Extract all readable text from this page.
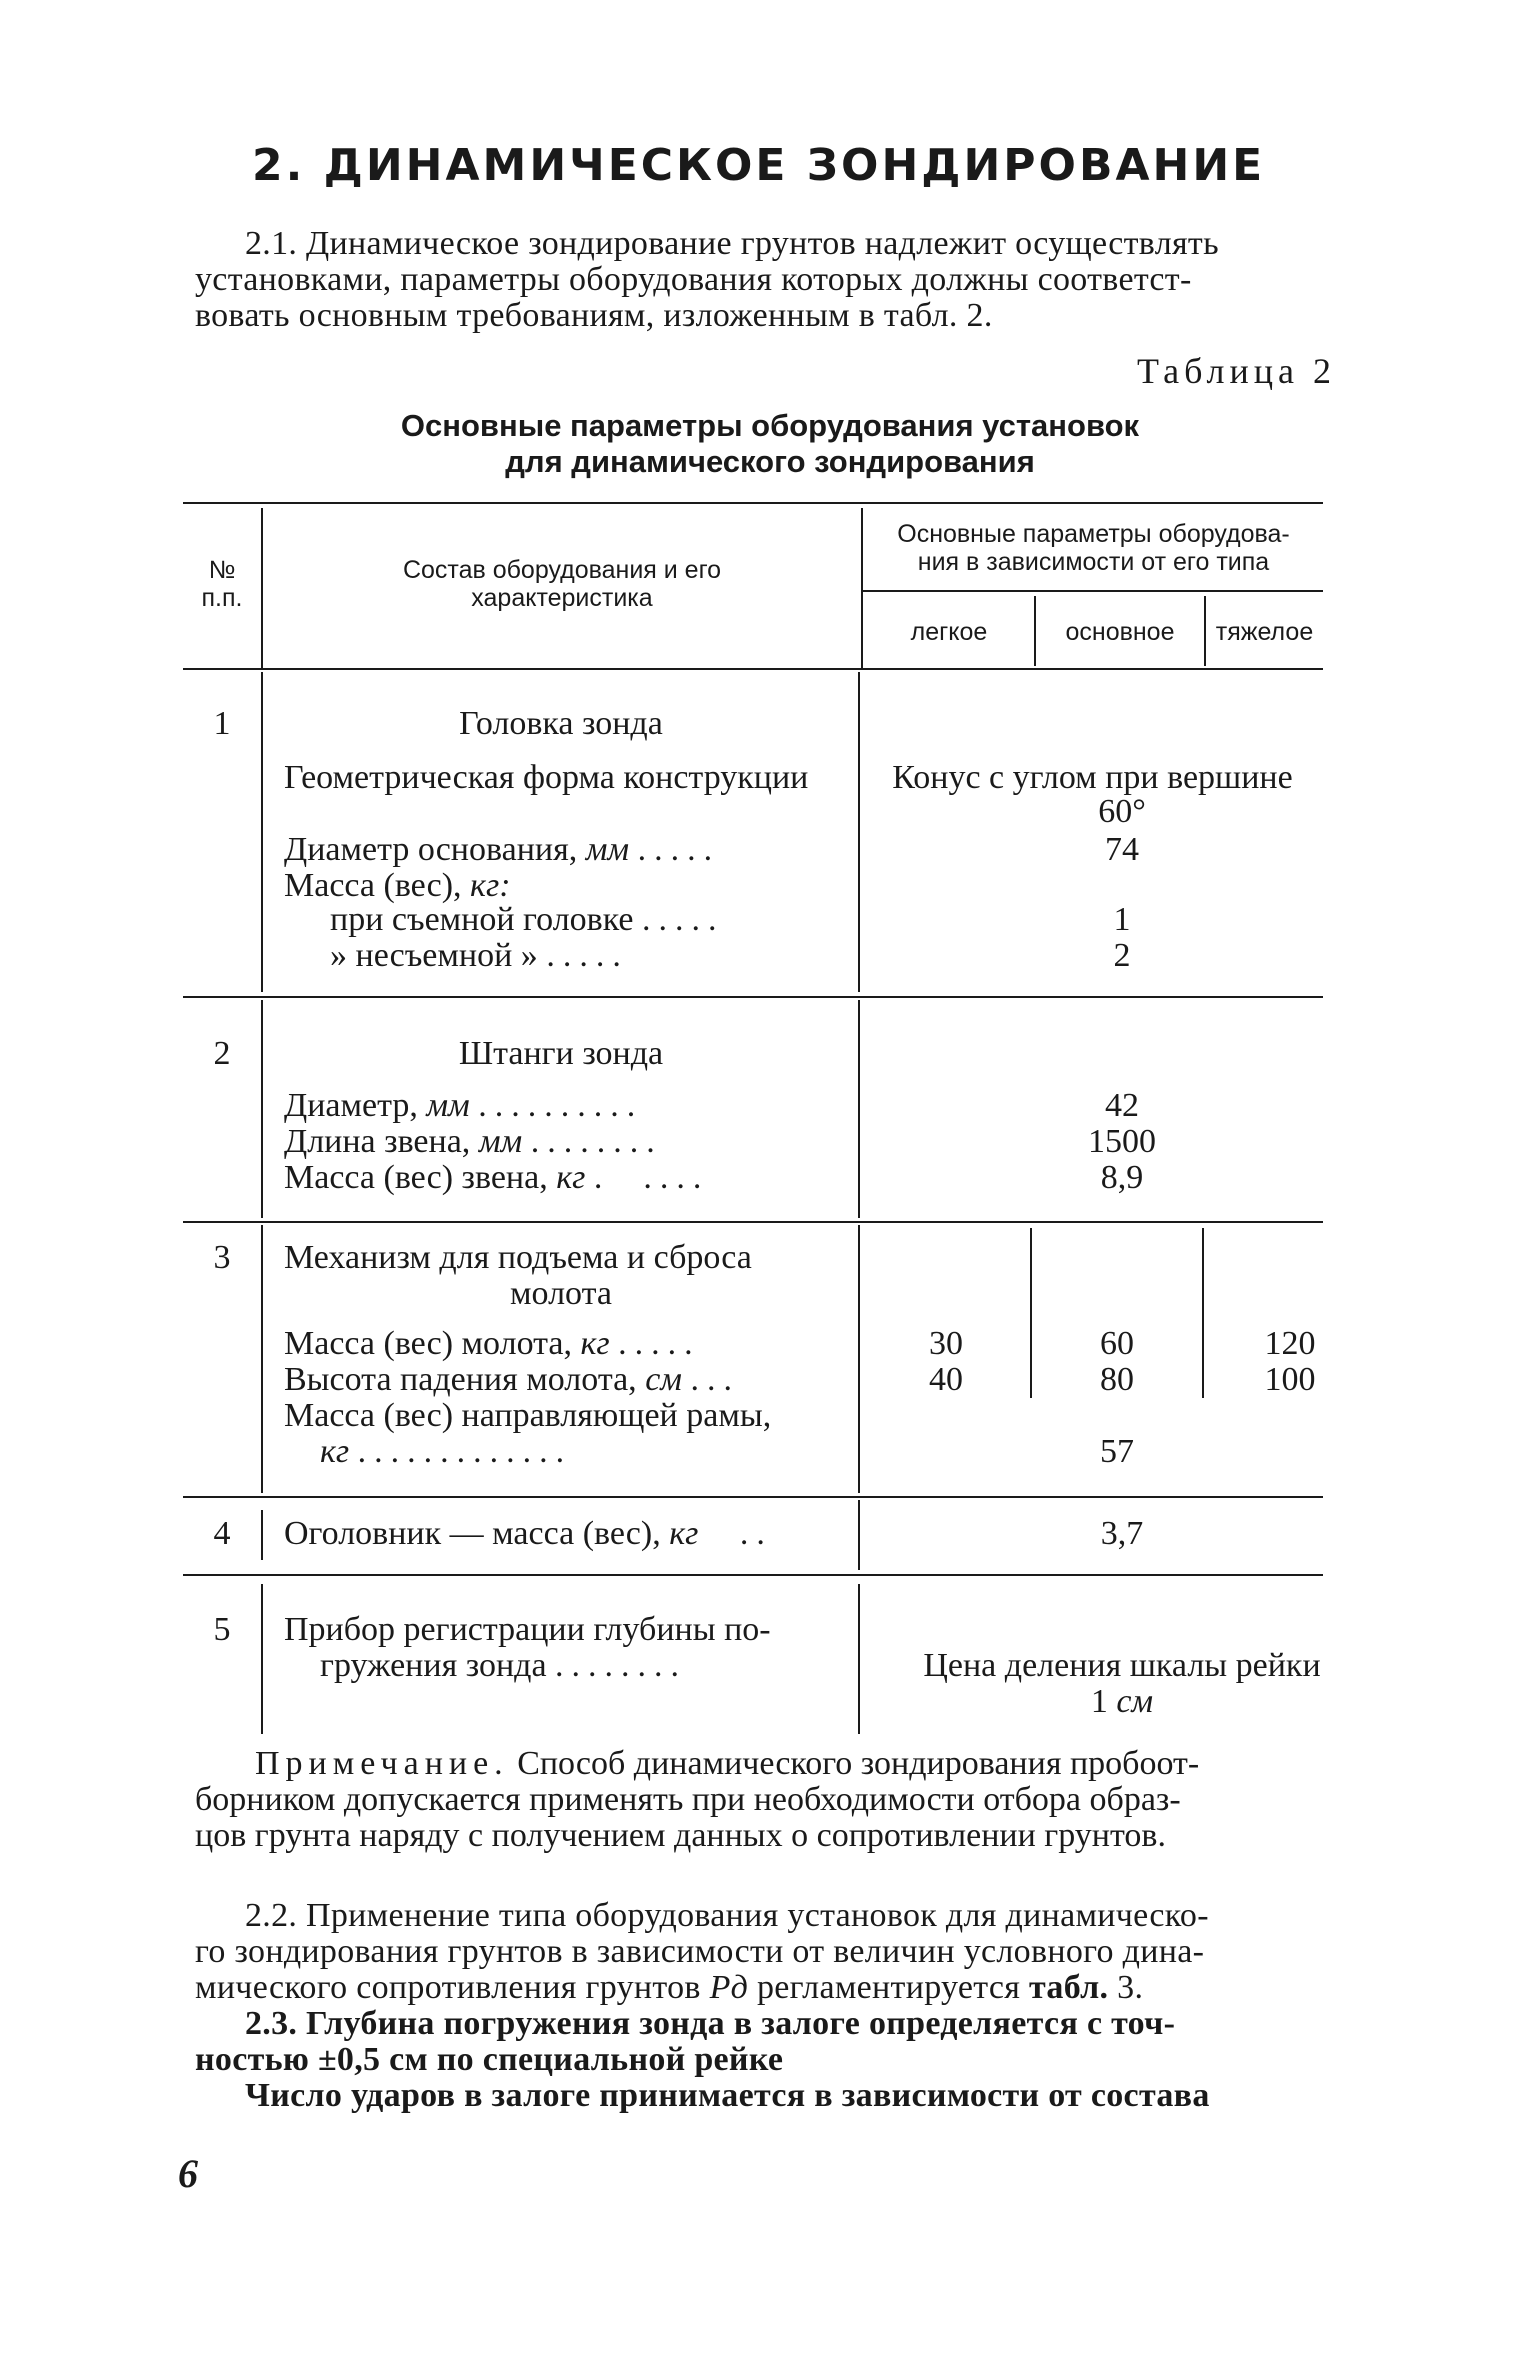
2. ДИНАМИЧЕСКОЕ ЗОНДИРОВАНИЕ
2.1. Динамическое зондирование грунтов надлежит осуществлять
установками, параметры оборудования которых должны соответст-
вовать основным требованиям, изложенным в табл. 2.
Таблица 2
Основные параметры оборудования установок
для динамического зондирования
№
п.п.
Состав оборудования и его
характеристика
Основные параметры оборудова-
ния в зависимости от его типа
легкое	основное	тяжелое
1	Головка зонда
Геометрическая форма конструкции	Конус с углом при вершине
60°
Диаметр основания, мм .....	74
Масса (вес), кг:
при съемной головке .....	1
» несъемной » .....	2
2	Штанги зонда
Диаметр, мм ..........	42
Длина звена, мм ........	1500
Масса (вес) звена, кг .  ....	8,9
3	Механизм для подъема и сброса
молота
Масса (вес) молота, кг .....	30	60	120
Высота падения молота, см ...	40	80	100
Масса (вес) направляющей рамы,
кг .............	57
4	Оголовник — масса (вес), кг   ..	3,7
5	Прибор регистрации глубины по-
гружения зонда ........	Цена деления шкалы рейки
1 см
Примечание. Способ динамического зондирования пробоот-
борником допускается применять при необходимости отбора образ-
цов грунта наряду с получением данных о сопротивлении грунтов.
2.2. Применение типа оборудования установок для динамическо-
го зондирования грунтов в зависимости от величин условного дина-
мического сопротивления грунтов Pд регламентируется табл. 3.
2.3. Глубина погружения зонда в залоге определяется с точ-
ностью ±0,5 см по специальной рейке
Число ударов в залоге принимается в зависимости от состава
6
